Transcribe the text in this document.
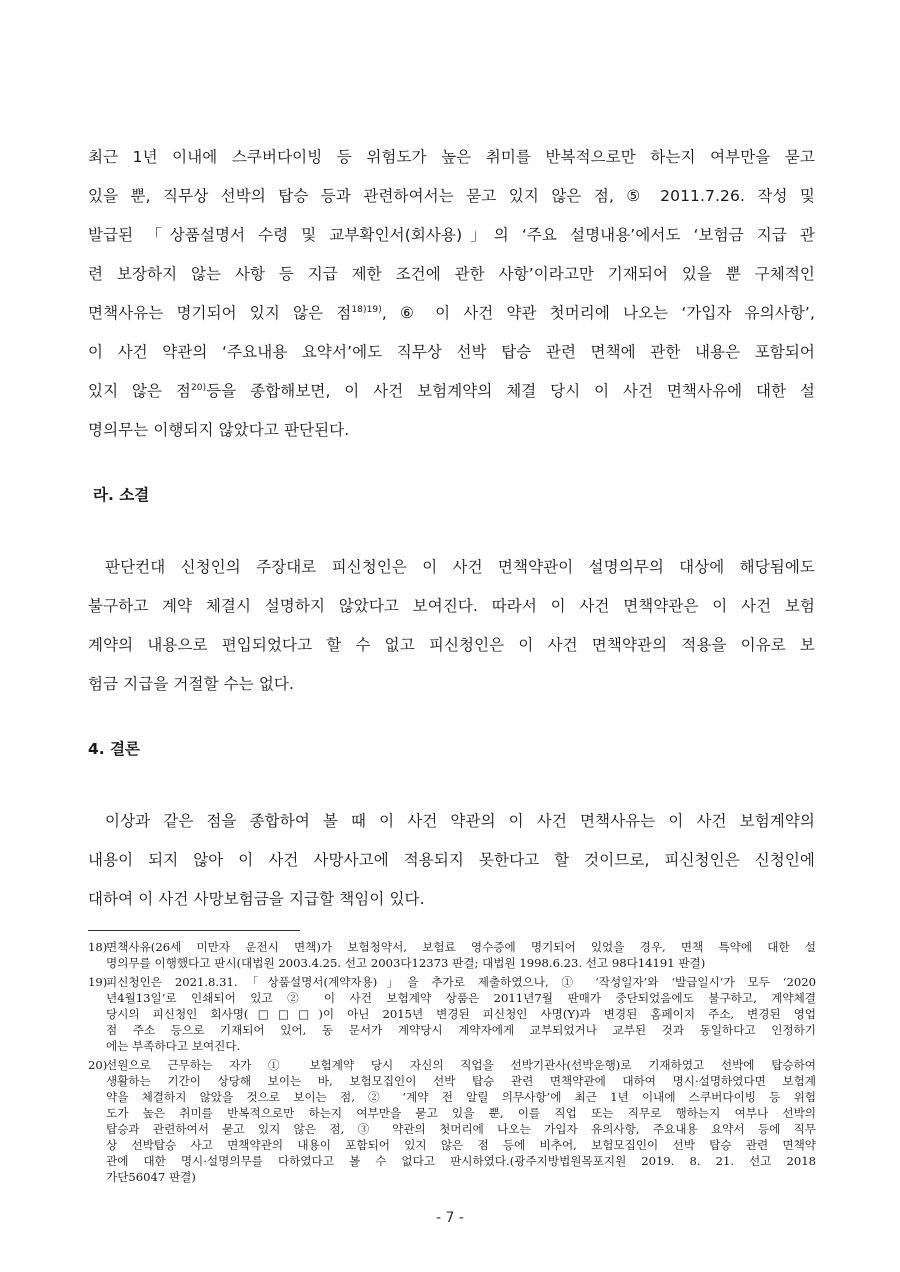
최근 1년 이내에 스쿠버다이빙 등 위험도가 높은 취미를 반복적으로만 하는지 여부만을 묻고
있을 뿐, 직무상 선박의 탑승 등과 관련하여서는 묻고 있지 않은 점, ⑤ 2011.7.26. 작성 및
발급된 「상품설명서 수령 및 교부확인서(회사용)」의 ‘주요 설명내용’에서도 ‘보험금 지급 관
련 보장하지 않는 사항 등 지급 제한 조건에 관한 사항’이라고만 기재되어 있을 뿐 구체적인
면책사유는 명기되어 있지 않은 점$^{18)19)}$, ⑥ 이 사건 약관 첫머리에 나오는 ‘가입자 유의사항’,
이 사건 약관의 ‘주요내용 요약서’에도 직무상 선박 탑승 관련 면책에 관한 내용은 포함되어
있지 않은 점$^{20)}$등을 종합해보면, 이 사건 보험계약의 체결 당시 이 사건 면책사유에 대한 설
명의무는 이행되지 않았다고 판단된다.
라. 소결
판단컨대 신청인의 주장대로 피신청인은 이 사건 면책약관이 설명의무의 대상에 해당됨에도
불구하고 계약 체결시 설명하지 않았다고 보여진다. 따라서 이 사건 면책약관은 이 사건 보험
계약의 내용으로 편입되었다고 할 수 없고 피신청인은 이 사건 면책약관의 적용을 이유로 보
험금 지급을 거절할 수는 없다.
4. 결론
이상과 같은 점을 종합하여 볼 때 이 사건 약관의 이 사건 면책사유는 이 사건 보험계약의
내용이 되지 않아 이 사건 사망사고에 적용되지 못한다고 할 것이므로, 피신청인은 신청인에
대하여 이 사건 사망보험금을 지급할 책임이 있다.
18)
면책사유(26세 미만자 운전시 면책)가 보험청약서, 보험료 영수증에 명기되어 있었을 경우, 면책 특약에 대한 설
명의무를 이행했다고 판시(대법원 2003.4.25. 선고 2003다12373 판결; 대법원 1998.6.23. 선고 98다14191 판결)
19)
피신청인은 2021.8.31.「상품설명서(계약자용)」을 추가로 제출하였으나, ① ‘작성일자’와 ‘발급일시’가 모두 ‘2020
년4월13일’로 인쇄되어 있고 ② 이 사건 보험계약 상품은 2011년7월 판매가 중단되었음에도 불구하고, 계약체결
당시의 피신청인 회사명(□□□)이 아닌 2015년 변경된 피신청인 사명(Y)과 변경된 홈페이지 주소, 변경된 영업
점 주소 등으로 기재되어 있어, 동 문서가 계약당시 계약자에게 교부되었거나 교부된 것과 동일하다고 인정하기
에는 부족하다고 보여진다.
20)
선원으로 근무하는 자가 ① 보험계약 당시 자신의 직업을 선박기관사(선박운행)로 기재하였고 선박에 탑승하여
생활하는 기간이 상당해 보이는 바, 보험모집인이 선박 탑승 관련 면책약관에 대하여 명시·설명하였다면 보험계
약을 체결하지 않았을 것으로 보이는 점, ② ‘계약 전 알릴 의무사항’에 최근 1년 이내에 스쿠버다이빙 등 위험
도가 높은 취미를 반복적으로만 하는지 여부만을 묻고 있을 뿐, 이를 직업 또는 직무로 행하는지 여부나 선박의
탑승과 관련하여서 묻고 있지 않은 점, ③ 약관의 첫머리에 나오는 가입자 유의사항, 주요내용 요약서 등에 직무
상 선박탑승 사고 면책약관의 내용이 포함되어 있지 않은 점 등에 비추어, 보험모집인이 선박 탑승 관련 면책약
관에 대한 명시·설명의무를 다하였다고 볼 수 없다고 판시하였다.(광주지방법원목포지원 2019. 8. 21. 선고 2018
가단56047 판결)
- 7 -
